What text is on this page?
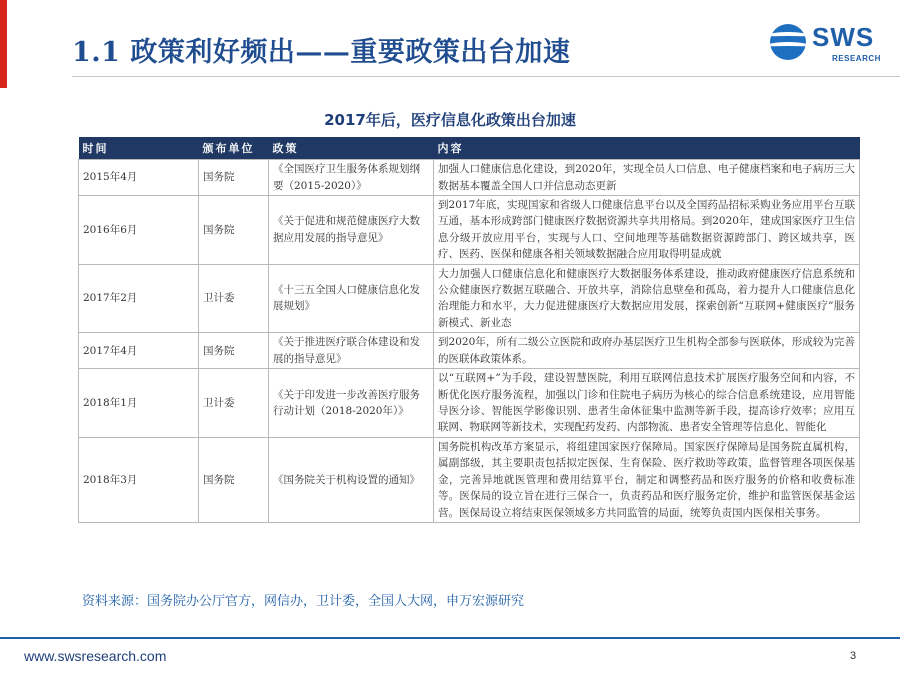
1.1 政策利好频出——重要政策出台加速	SWS
RESEARCH
2017年后，医疗信息化政策出台加速
时间	颁布单位	政策	内容
2015年4月	国务院	《全国医疗卫生服务体系规划纲要（2015-2020）》	加强人口健康信息化建设，到2020年，实现全员人口信息、电子健康档案和电子病历三大数据基本覆盖全国人口并信息动态更新
2016年6月	国务院	《关于促进和规范健康医疗大数据应用发展的指导意见》	到2017年底，实现国家和省级人口健康信息平台以及全国药品招标采购业务应用平台互联互通，基本形成跨部门健康医疗数据资源共享共用格局。到2020年，建成国家医疗卫生信息分级开放应用平台，实现与人口、空间地理等基础数据资源跨部门、跨区域共享，医疗、医药、医保和健康各相关领域数据融合应用取得明显成就
2017年2月	卫计委	《十三五全国人口健康信息化发展规划》	大力加强人口健康信息化和健康医疗大数据服务体系建设，推动政府健康医疗信息系统和公众健康医疗数据互联融合、开放共享，消除信息壁垒和孤岛，着力提升人口健康信息化治理能力和水平，大力促进健康医疗大数据应用发展，探索创新“互联网+健康医疗”服务新模式、新业态
2017年4月	国务院	《关于推进医疗联合体建设和发展的指导意见》	到2020年，所有二级公立医院和政府办基层医疗卫生机构全部参与医联体，形成较为完善的医联体政策体系。
2018年1月	卫计委	《关于印发进一步改善医疗服务行动计划（2018-2020年）》	以“互联网+”为手段，建设智慧医院，利用互联网信息技术扩展医疗服务空间和内容，不断优化医疗服务流程，加强以门诊和住院电子病历为核心的综合信息系统建设，应用智能导医分诊、智能医学影像识别、患者生命体征集中监测等新手段，提高诊疗效率；应用互联网、物联网等新技术，实现配药发药、内部物流、患者安全管理等信息化、智能化
2018年3月	国务院	《国务院关于机构设置的通知》	国务院机构改革方案显示，将组建国家医疗保障局。国家医疗保障局是国务院直属机构，属副部级，其主要职责包括拟定医保、生育保险、医疗救助等政策，监督管理各项医保基金，完善异地就医管理和费用结算平台，制定和调整药品和医疗服务的价格和收费标准等。医保局的设立旨在进行三保合一，负责药品和医疗服务定价，维护和监管医保基金运营。医保局设立将结束医保领域多方共同监管的局面，统筹负责国内医保相关事务。
资料来源：国务院办公厅官方，网信办，卫计委，全国人大网，申万宏源研究
www.swsresearch.com	3
